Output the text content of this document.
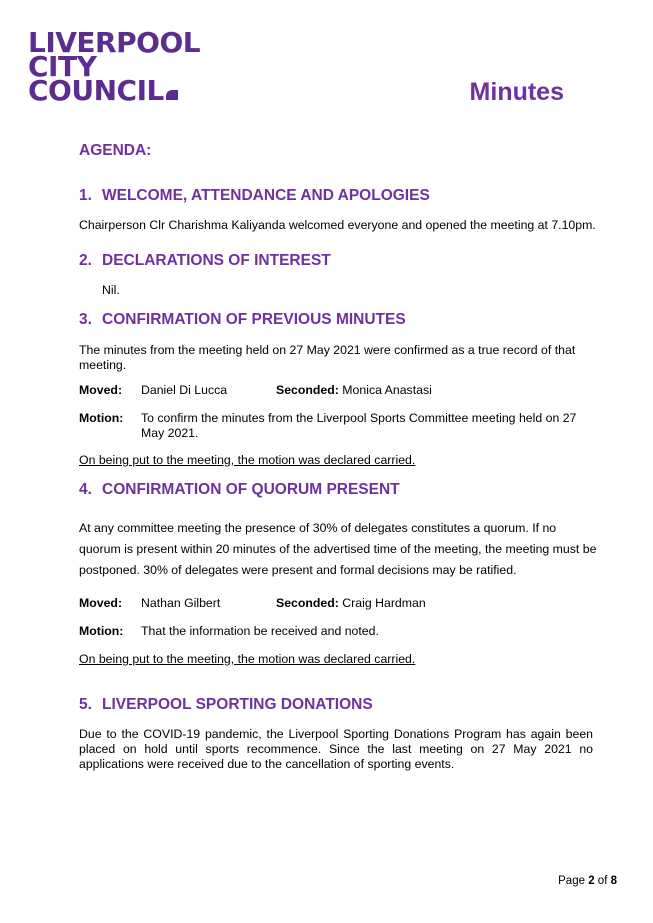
LIVERPOOL
CITY
COUNCIL	Minutes
AGENDA:
1. WELCOME, ATTENDANCE AND APOLOGIES
Chairperson Clr Charishma Kaliyanda welcomed everyone and opened the meeting at 7.10pm.
2. DECLARATIONS OF INTEREST
Nil.
3. CONFIRMATION OF PREVIOUS MINUTES
The minutes from the meeting held on 27 May 2021 were confirmed as a true record of that meeting.
Moved: Daniel Di Lucca	Seconded: Monica Anastasi
Motion:	To confirm the minutes from the Liverpool Sports Committee meeting held on 27 May 2021.
On being put to the meeting, the motion was declared carried.
4. CONFIRMATION OF QUORUM PRESENT
At any committee meeting the presence of 30% of delegates constitutes a quorum. If no quorum is present within 20 minutes of the advertised time of the meeting, the meeting must be postponed. 30% of delegates were present and formal decisions may be ratified.
Moved: Nathan Gilbert	Seconded: Craig Hardman
Motion: That the information be received and noted.
On being put to the meeting, the motion was declared carried.
5. LIVERPOOL SPORTING DONATIONS
Due to the COVID-19 pandemic, the Liverpool Sporting Donations Program has again been placed on hold until sports recommence. Since the last meeting on 27 May 2021 no applications were received due to the cancellation of sporting events.
Page 2 of 8
